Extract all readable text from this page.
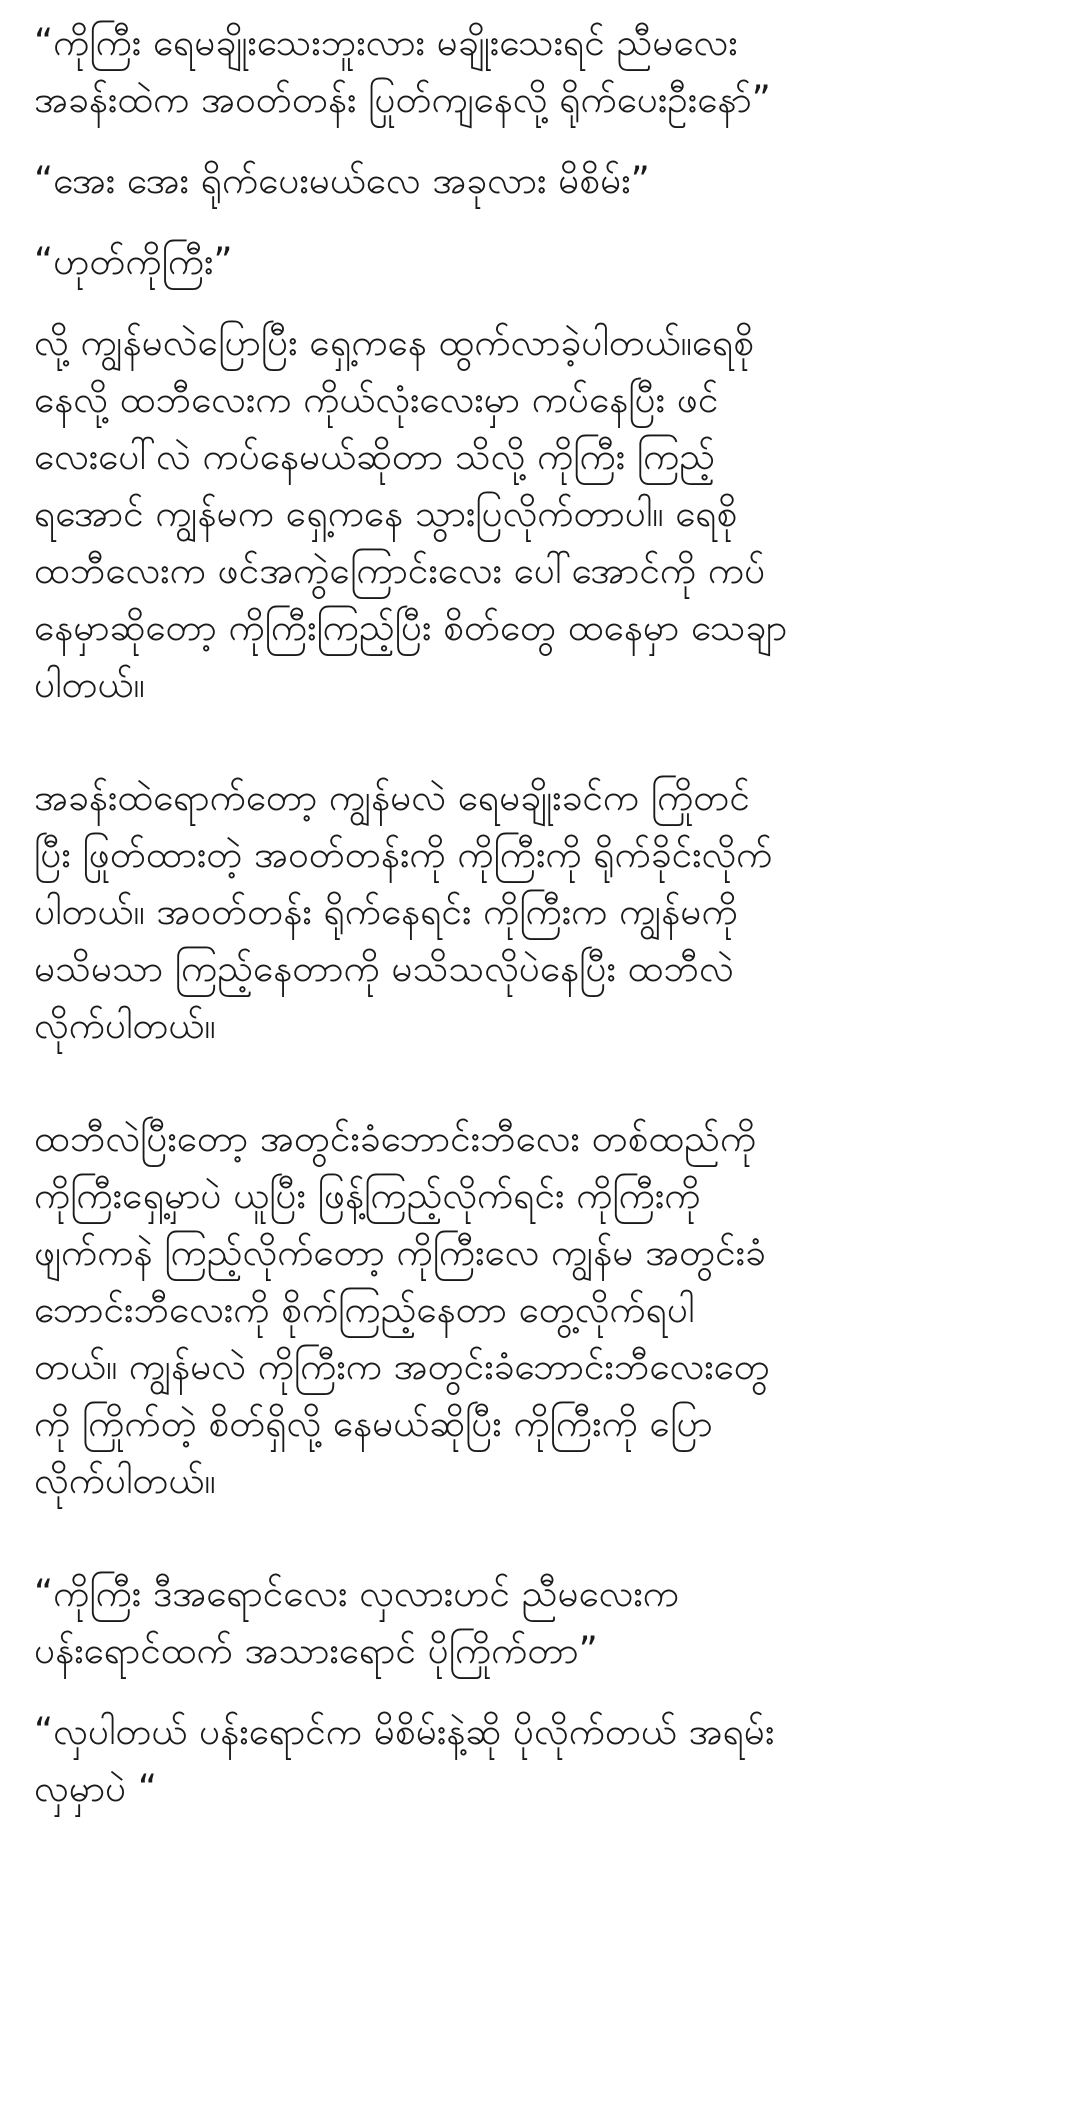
“ကိုကြီး ရေမချိုးသေးဘူးလား မချိုးသေးရင် ညီမလေး
အခန်းထဲက အဝတ်တန်း ပြုတ်ကျနေလို့ ရိုက်ပေးဦးနော်”

“အေး အေး ရိုက်ပေးမယ်လေ အခုလား မိစိမ်း”

“ဟုတ်ကိုကြီး”

လို့ ကျွန်မလဲပြောပြီး ရှေ့ကနေ ထွက်လာခဲ့ပါတယ်။ရေစို
နေလို့ ထဘီလေးက ကိုယ်လုံးလေးမှာ ကပ်နေပြီး ဖင်
လေးပေါ်လဲ ကပ်နေမယ်ဆိုတာ သိလို့ ကိုကြီး ကြည့်
ရအောင် ကျွန်မက ရှေ့ကနေ သွားပြလိုက်တာပါ။ ရေစို
ထဘီလေးက ဖင်အကွဲကြောင်းလေး ပေါ်အောင်ကို ကပ်
နေမှာဆိုတော့ ကိုကြီးကြည့်ပြီး စိတ်တွေ ထနေမှာ သေချာ
ပါတယ်။

အခန်းထဲရောက်တော့ ကျွန်မလဲ ရေမချိုးခင်က ကြိုတင်
ပြီး ဖြုတ်ထားတဲ့ အဝတ်တန်းကို ကိုကြီးကို ရိုက်ခိုင်းလိုက်
ပါတယ်။ အဝတ်တန်း ရိုက်နေရင်း ကိုကြီးက ကျွန်မကို
မသိမသာ ကြည့်နေတာကို မသိသလိုပဲနေပြီး ထဘီလဲ
လိုက်ပါတယ်။

ထဘီလဲပြီးတော့ အတွင်းခံဘောင်းဘီလေး တစ်ထည်ကို
ကိုကြီးရှေ့မှာပဲ ယူပြီး ဖြန့်ကြည့်လိုက်ရင်း ကိုကြီးကို
ဖျက်ကနဲ ကြည့်လိုက်တော့ ကိုကြီးလေ ကျွန်မ အတွင်းခံ
ဘောင်းဘီလေးကို စိုက်ကြည့်နေတာ တွေ့လိုက်ရပါ
တယ်။ ကျွန်မလဲ ကိုကြီးက အတွင်းခံဘောင်းဘီလေးတွေ
ကို ကြိုက်တဲ့ စိတ်ရှိလို့ နေမယ်ဆိုပြီး ကိုကြီးကို ပြော
လိုက်ပါတယ်။

“ကိုကြီး ဒီအရောင်လေး လှလားဟင် ညီမလေးက
ပန်းရောင်ထက် အသားရောင် ပိုကြိုက်တာ”

“လှပါတယ် ပန်းရောင်က မိစိမ်းနဲ့ဆို ပိုလိုက်တယ် အရမ်း
လှမှာပဲ “
